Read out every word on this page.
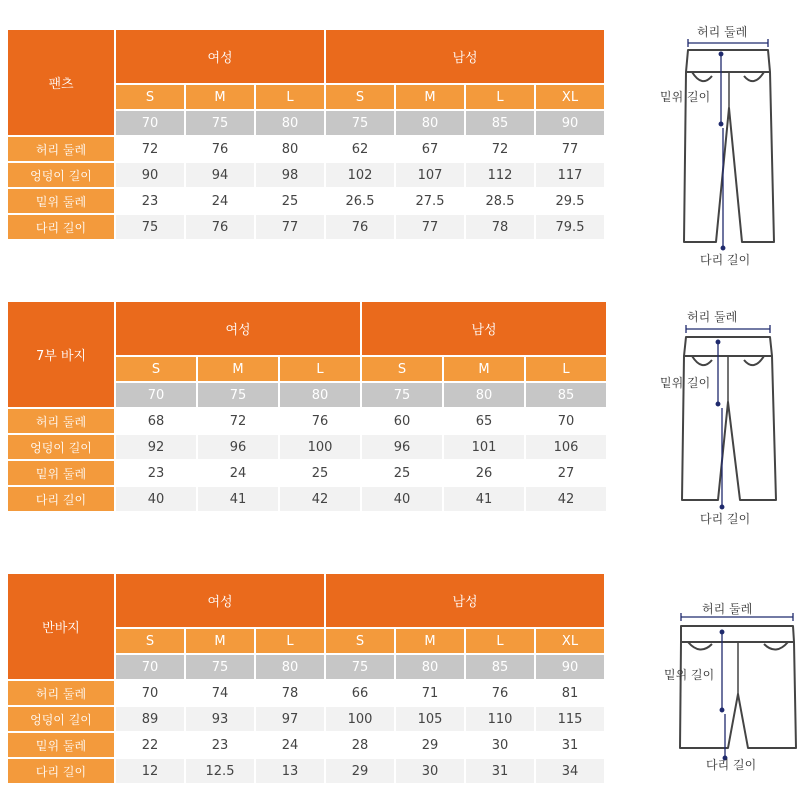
팬츠	여성			남성			
	S	M	L	S	M	L	XL
	70	75	80	75	80	85	90
허리 둘레	72	76	80	62	67	72	77
엉덩이 길이	90	94	98	102	107	112	117
밑위 둘레	23	24	25	26.5	27.5	28.5	29.5
다리 길이	75	76	77	76	77	78	79.5
7부 바지	여성			남성		
	S	M	L	S	M	L
	70	75	80	75	80	85
허리 둘레	68	72	76	60	65	70
엉덩이 길이	92	96	100	96	101	106
밑위 둘레	23	24	25	25	26	27
다리 길이	40	41	42	40	41	42
반바지	여성			남성			
	S	M	L	S	M	L	XL
	70	75	80	75	80	85	90
허리 둘레	70	74	78	66	71	76	81
엉덩이 길이	89	93	97	100	105	110	115
밑위 둘레	22	23	24	28	29	30	31
다리 길이	12	12.5	13	29	30	31	34
허리 둘레
밑위 길이
다리 길이
허리 둘레
밑위 길이
다리 길이
허리 둘레
밑위 길이
다리 길이
